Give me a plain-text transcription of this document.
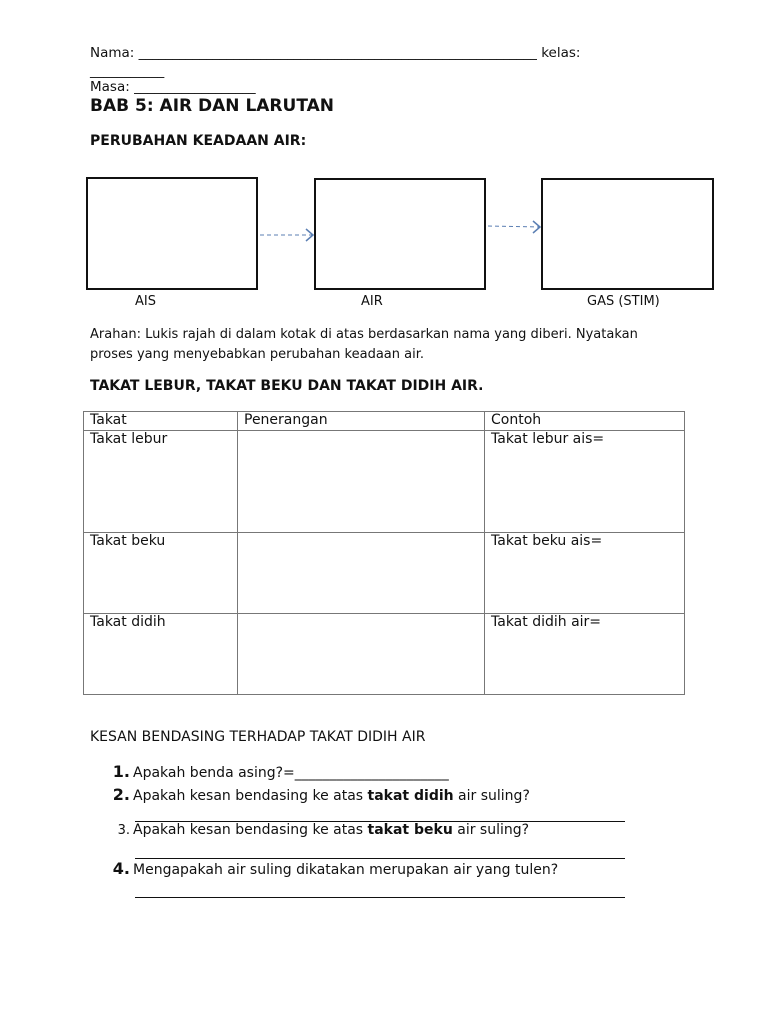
Nama: ___________________________________________________________ kelas:
___________
Masa: __________________
BAB 5: AIR DAN LARUTAN
PERUBAHAN KEADAAN AIR:
AIS	AIR	GAS (STIM)
Arahan: Lukis rajah di dalam kotak di atas berdasarkan nama yang diberi. Nyatakan
proses yang menyebabkan perubahan keadaan air.
TAKAT LEBUR, TAKAT BEKU DAN TAKAT DIDIH AIR.
Takat	Penerangan	Contoh
Takat lebur		Takat lebur ais=
Takat beku		Takat beku ais=
Takat didih		Takat didih air=
KESAN BENDASING TERHADAP TAKAT DIDIH AIR
1. Apakah benda asing?=______________________
2. Apakah kesan bendasing ke atas takat didih air suling?
3. Apakah kesan bendasing ke atas takat beku air suling?
4. Mengapakah air suling dikatakan merupakan air yang tulen?
